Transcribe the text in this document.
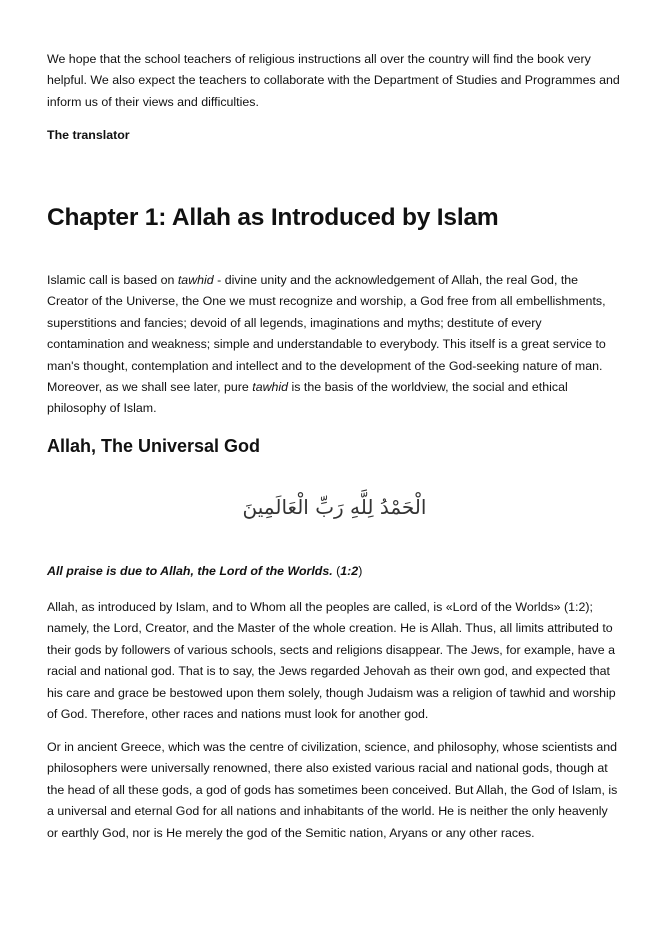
We hope that the school teachers of religious instructions all over the country will find the book very helpful. We also expect the teachers to collaborate with the Department of Studies and Programmes and inform us of their views and difficulties.

The translator
Chapter 1: Allah as Introduced by Islam

Islamic call is based on tawhid - divine unity and the acknowledgement of Allah, the real God, the Creator of the Universe, the One we must recognize and worship, a God free from all embellishments, superstitions and fancies; devoid of all legends, imaginations and myths; destitute of every contamination and weakness; simple and understandable to everybody. This itself is a great service to man's thought, contemplation and intellect and to the development of the God-seeking nature of man. Moreover, as we shall see later, pure tawhid is the basis of the worldview, the social and ethical philosophy of Islam.

Allah, The Universal God
الْحَمْدُ لِلَّهِ رَبِّ الْعَالَمِينَ
All praise is due to Allah, the Lord of the Worlds. (1:2)

Allah, as introduced by Islam, and to Whom all the peoples are called, is «Lord of the Worlds» (1:2); namely, the Lord, Creator, and the Master of the whole creation. He is Allah. Thus, all limits attributed to their gods by followers of various schools, sects and religions disappear. The Jews, for example, have a racial and national god. That is to say, the Jews regarded Jehovah as their own god, and expected that his care and grace be bestowed upon them solely, though Judaism was a religion of tawhid and worship of God. Therefore, other races and nations must look for another god.

Or in ancient Greece, which was the centre of civilization, science, and philosophy, whose scientists and philosophers were universally renowned, there also existed various racial and national gods, though at the head of all these gods, a god of gods has sometimes been conceived. But Allah, the God of Islam, is a universal and eternal God for all nations and inhabitants of the world. He is neither the only heavenly or earthly God, nor is He merely the god of the Semitic nation, Aryans or any other races.
